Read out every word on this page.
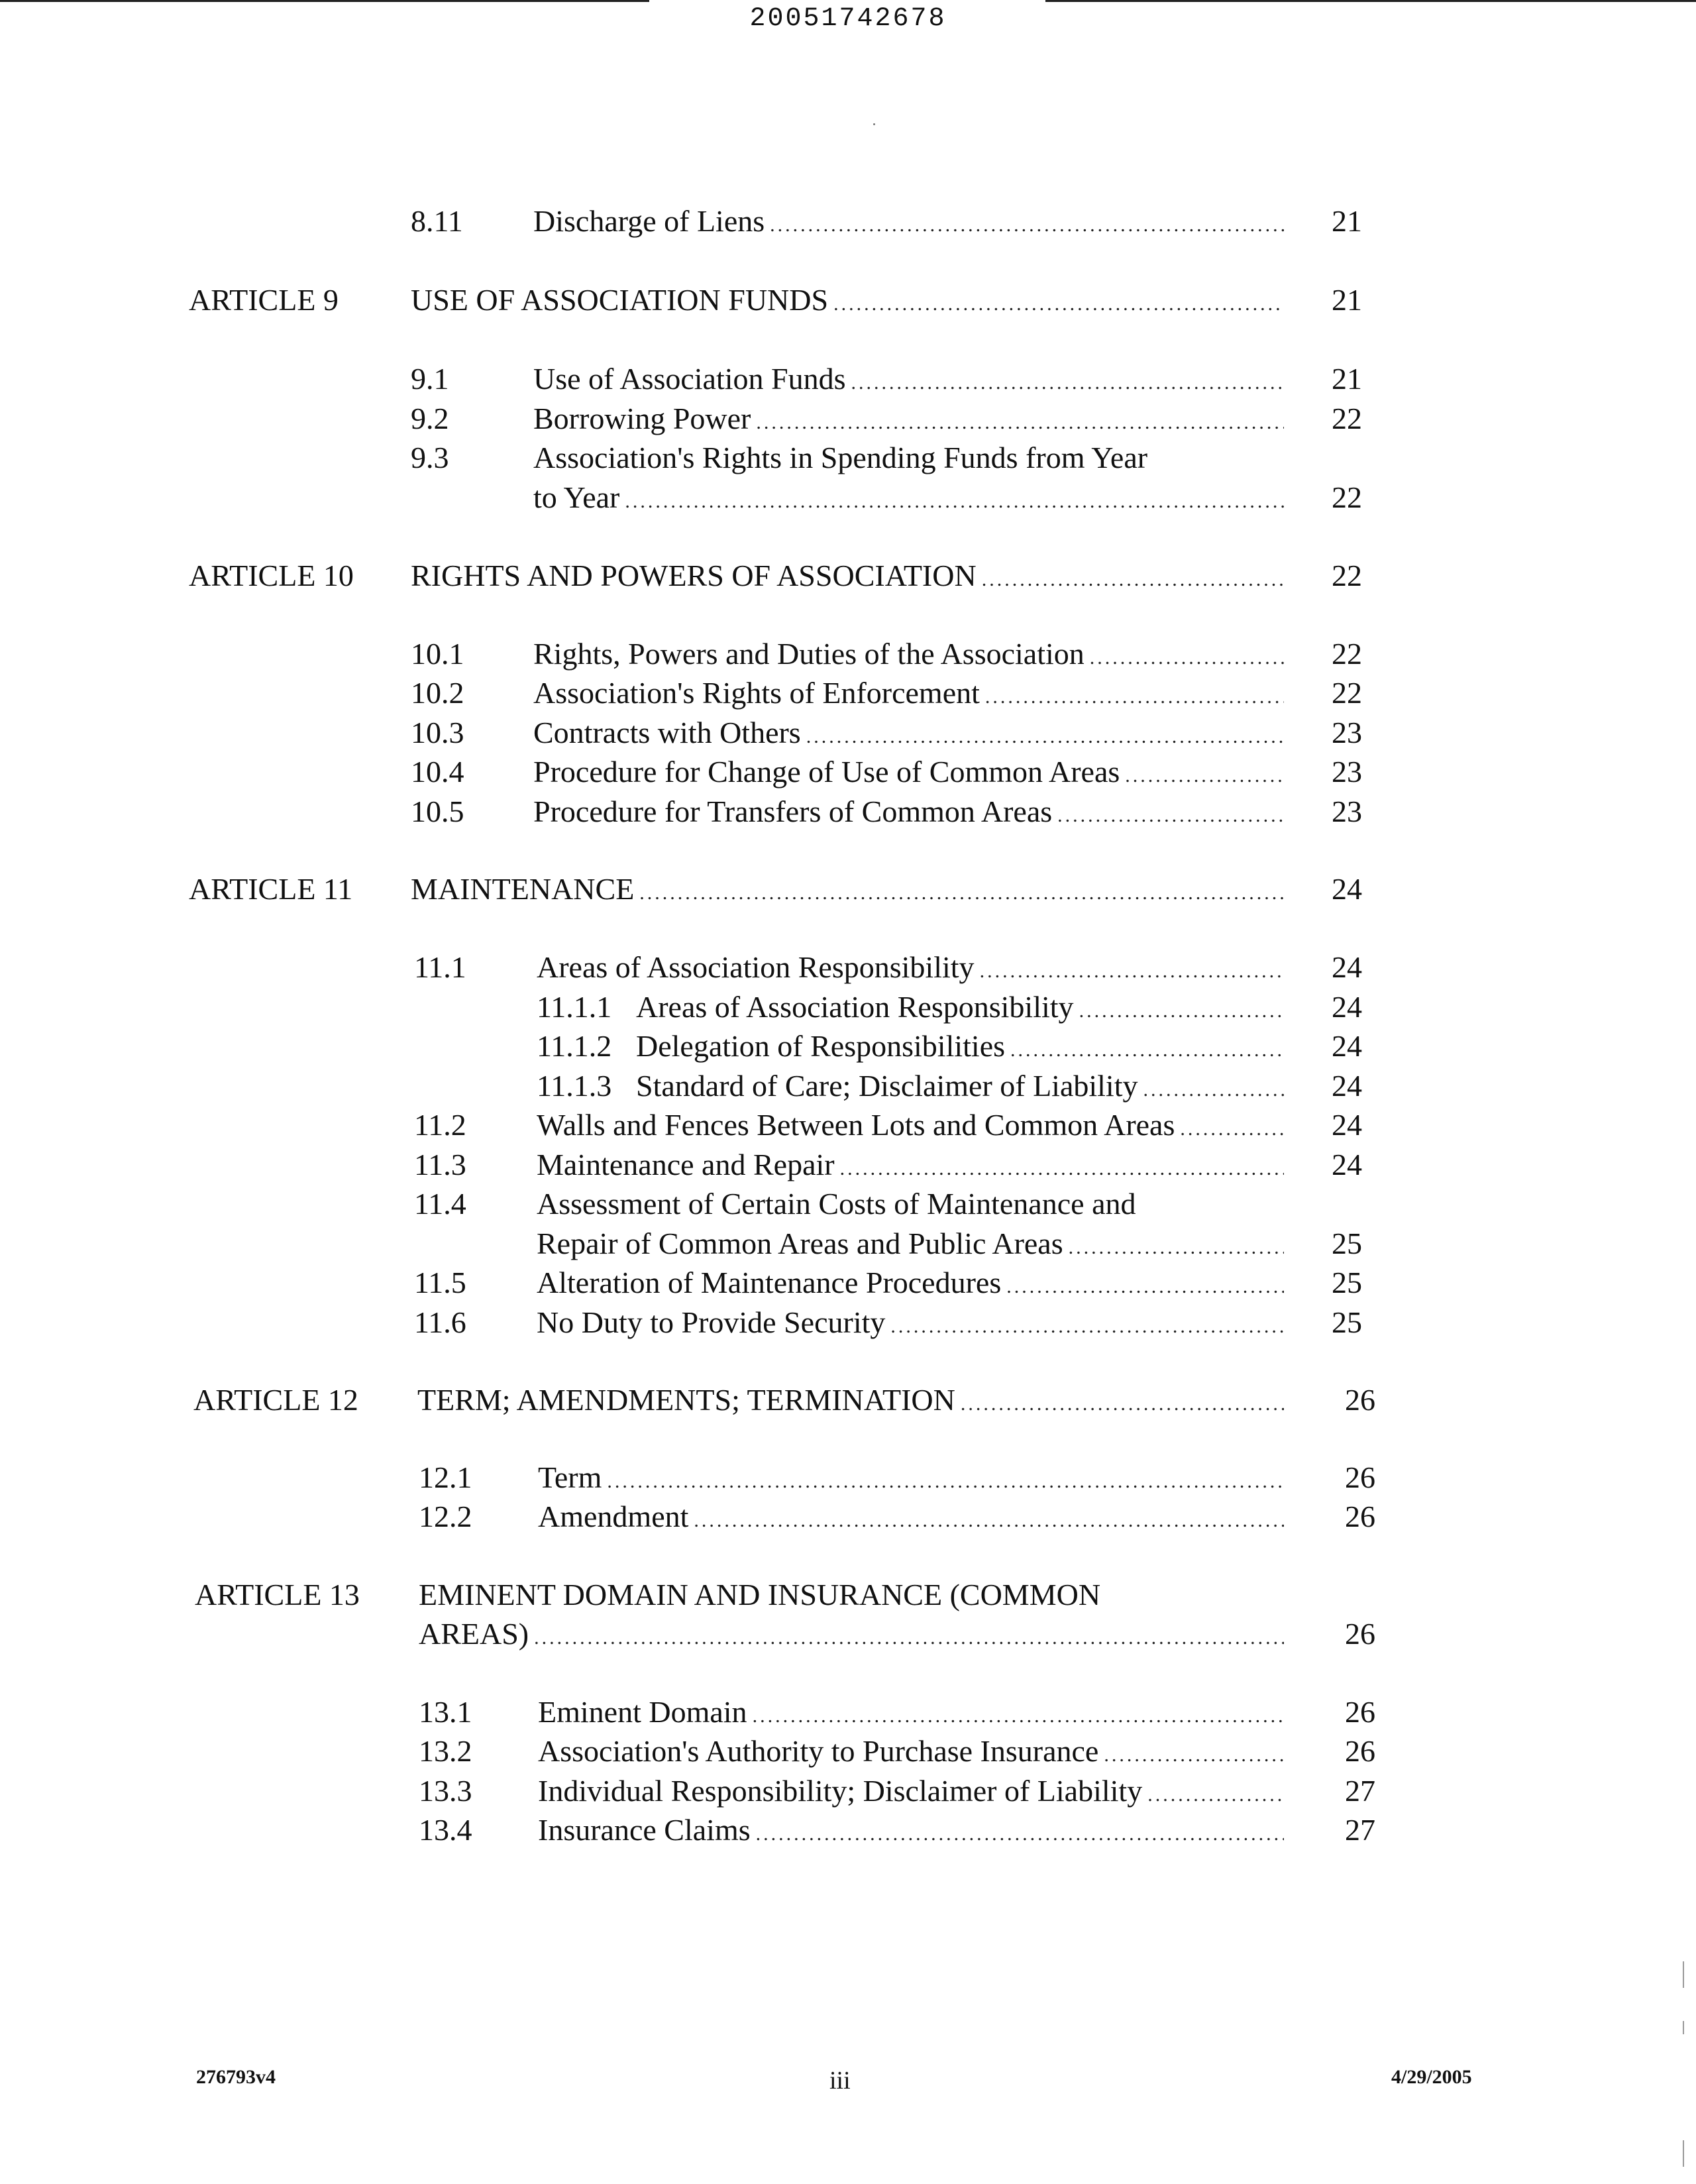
20051742678
8.11 Discharge of Liens .....	21
ARTICLE 9 USE OF ASSOCIATION FUNDS .....	21
9.1	Use of Association Funds .....	21
9.2	Borrowing Power .....	22
9.3	Association's Rights in Spending Funds from Year
to Year .....	22
ARTICLE 10 RIGHTS AND POWERS OF ASSOCIATION .....	22
10.1 Rights, Powers and Duties of the Association .....	22
10.2 Association's Rights of Enforcement .....	22
10.3 Contracts with Others .....	23
10.4 Procedure for Change of Use of Common Areas .....	23
10.5 Procedure for Transfers of Common Areas .....	23
ARTICLE 11 MAINTENANCE .....	24
11.1 Areas of Association Responsibility .....	24
11.1.1 Areas of Association Responsibility .....	24
11.1.2 Delegation of Responsibilities .....	24
11.1.3 Standard of Care; Disclaimer of Liability .....	24
11.2 Walls and Fences Between Lots and Common Areas .....	24
11.3 Maintenance and Repair .....	24
11.4 Assessment of Certain Costs of Maintenance and
Repair of Common Areas and Public Areas .....	25
11.5 Alteration of Maintenance Procedures .....	25
11.6 No Duty to Provide Security .....	25
ARTICLE 12 TERM; AMENDMENTS; TERMINATION .....	26
12.1 Term .....	26
12.2 Amendment .....	26
ARTICLE 13 EMINENT DOMAIN AND INSURANCE (COMMON
AREAS) .....	26
13.1 Eminent Domain .....	26
13.2 Association's Authority to Purchase Insurance .....	26
13.3 Individual Responsibility; Disclaimer of Liability .....	27
13.4 Insurance Claims .....	27
276793v4	iii	4/29/2005
